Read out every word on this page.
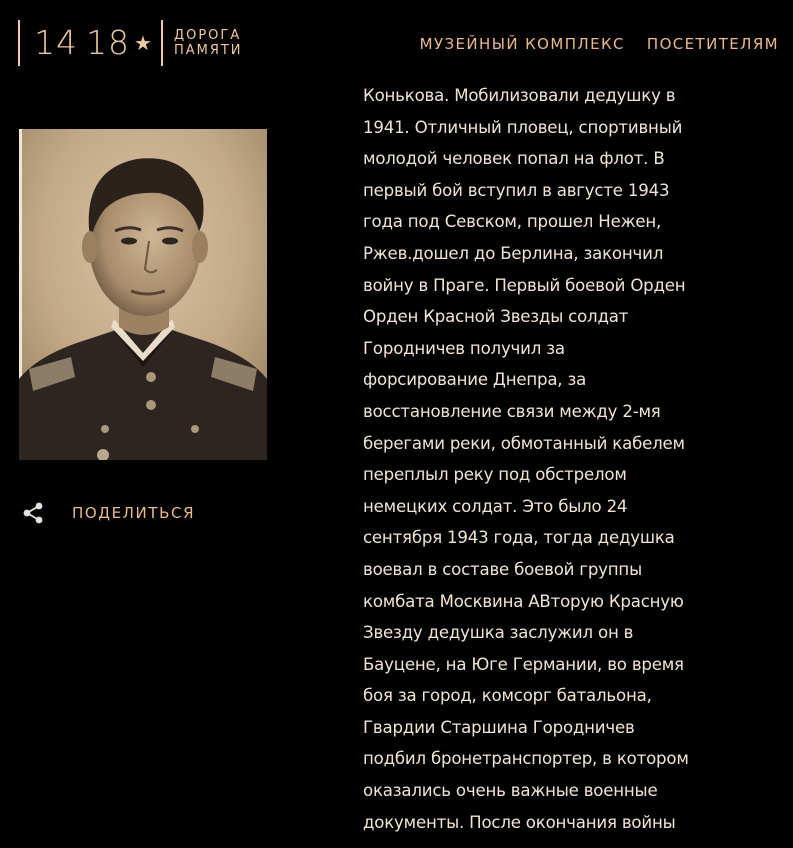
14 18 ★ ДОРОГА
ПАМЯТИ	МУЗЕЙНЫЙ КОМПЛЕКС ПОСЕТИТЕЛЯМ
ПОДЕЛИТЬСЯ
Конькова. Мобилизовали дедушку в
1941. Отличный пловец, спортивный
молодой человек попал на флот. В
первый бой вступил в августе 1943
года под Севском, прошел Нежен,
Ржев.дошел до Берлина, закончил
войну в Праге. Первый боевой Орден
Орден Красной Звезды солдат
Городничев получил за
форсирование Днепра, за
восстановление связи между 2-мя
берегами реки, обмотанный кабелем
переплыл реку под обстрелом
немецких солдат. Это было 24
сентября 1943 года, тогда дедушка
воевал в составе боевой группы
комбата Москвина АВторую Красную
Звезду дедушка заслужил он в
Бауцене, на Юге Германии, во время
боя за город, комсорг батальона,
Гвардии Старшина Городничев
подбил бронетранспортер, в котором
оказались очень важные военные
документы. После окончания войны
